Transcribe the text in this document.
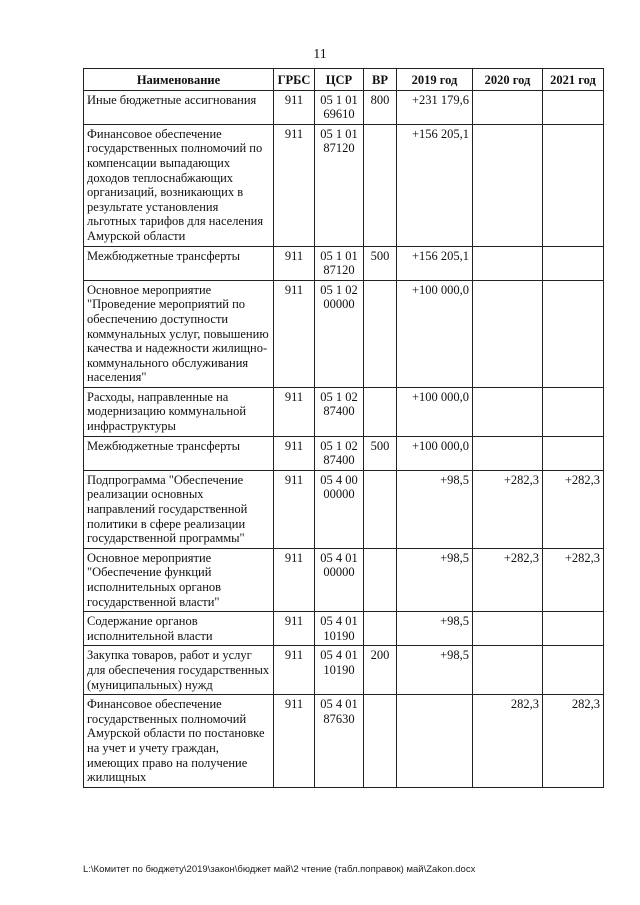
11
Наименование	ГРБС	ЦСР	ВР	2019 год	2020 год	2021 год
Иные бюджетные ассигнования	911	05 1 01 69610	800	+231 179,6		
Финансовое обеспечение государственных полномочий по компенсации выпадающих доходов теплоснабжающих организаций, возникающих в результате установления льготных тарифов для населения Амурской области	911	05 1 01 87120		+156 205,1		
Межбюджетные трансферты	911	05 1 01 87120	500	+156 205,1		
Основное мероприятие "Проведение мероприятий по обеспечению доступности коммунальных услуг, повышению качества и надежности жилищно-коммунального обслуживания населения"	911	05 1 02 00000		+100 000,0		
Расходы, направленные на модернизацию коммунальной инфраструктуры	911	05 1 02 87400		+100 000,0		
Межбюджетные трансферты	911	05 1 02 87400	500	+100 000,0		
Подпрограмма "Обеспечение реализации основных направлений государственной политики в сфере реализации государственной программы"	911	05 4 00 00000		+98,5	+282,3	+282,3
Основное мероприятие "Обеспечение функций исполнительных органов государственной власти"	911	05 4 01 00000		+98,5	+282,3	+282,3
Содержание органов исполнительной власти	911	05 4 01 10190		+98,5		
Закупка товаров, работ и услуг для обеспечения государственных (муниципальных) нужд	911	05 4 01 10190	200	+98,5		
Финансовое обеспечение государственных полномочий Амурской области по постановке на учет и учету граждан, имеющих право на получение жилищных	911	05 4 01 87630			282,3	282,3
L:\Комитет по бюджету\2019\закон\бюджет май\2 чтение (табл.поправок) май\Zakon.docx
